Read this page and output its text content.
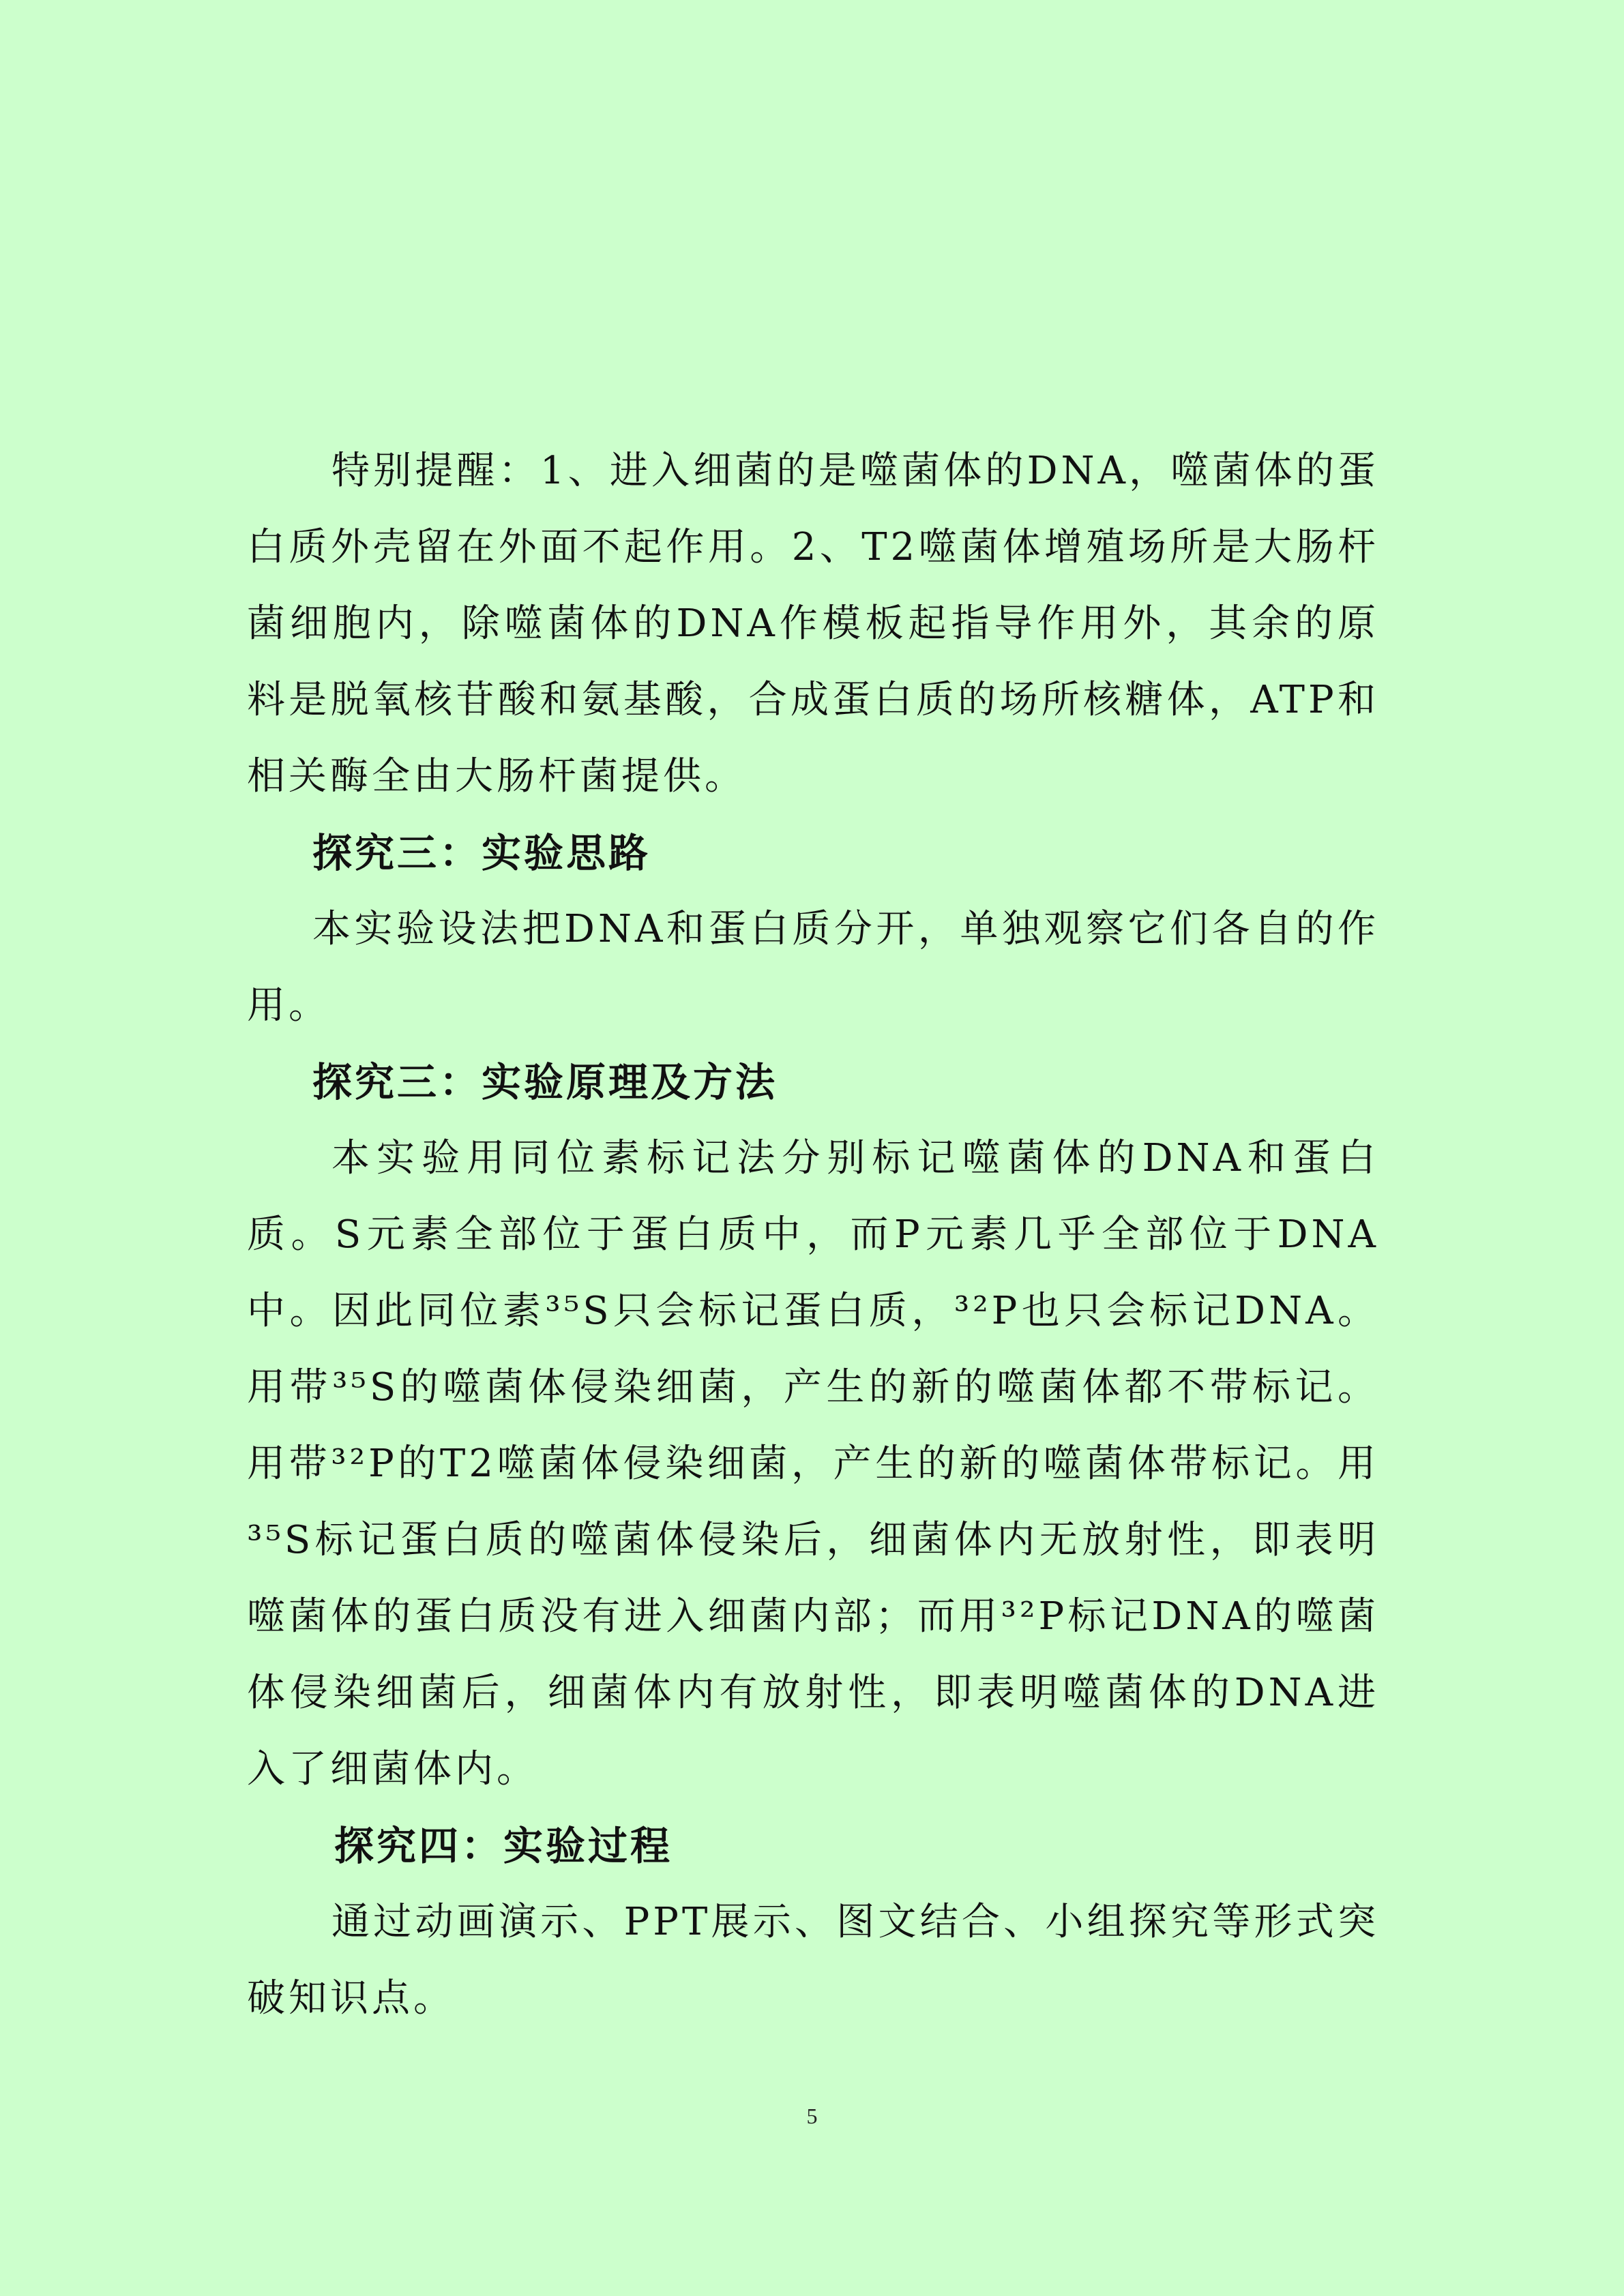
特别提醒：1、进入细菌的是噬菌体的DNA，噬菌体的蛋白质外壳留在外面不起作用。2、T2噬菌体增殖场所是大肠杆菌细胞内，除噬菌体的DNA作模板起指导作用外，其余的原料是脱氧核苷酸和氨基酸，合成蛋白质的场所核糖体，ATP和相关酶全由大肠杆菌提供。

探究三：实验思路

本实验设法把DNA和蛋白质分开，单独观察它们各自的作用。

探究三：实验原理及方法

本实验用同位素标记法分别标记噬菌体的DNA和蛋白质。S元素全部位于蛋白质中，而P元素几乎全部位于DNA中。因此同位素³⁵S只会标记蛋白质，³²P也只会标记DNA。用带³⁵S的噬菌体侵染细菌，产生的新的噬菌体都不带标记。用带³²P的T2噬菌体侵染细菌，产生的新的噬菌体带标记。用³⁵S标记蛋白质的噬菌体侵染后，细菌体内无放射性，即表明噬菌体的蛋白质没有进入细菌内部；而用³²P标记DNA的噬菌体侵染细菌后，细菌体内有放射性，即表明噬菌体的DNA进入了细菌体内。

探究四：实验过程

通过动画演示、PPT展示、图文结合、小组探究等形式突破知识点。

5
